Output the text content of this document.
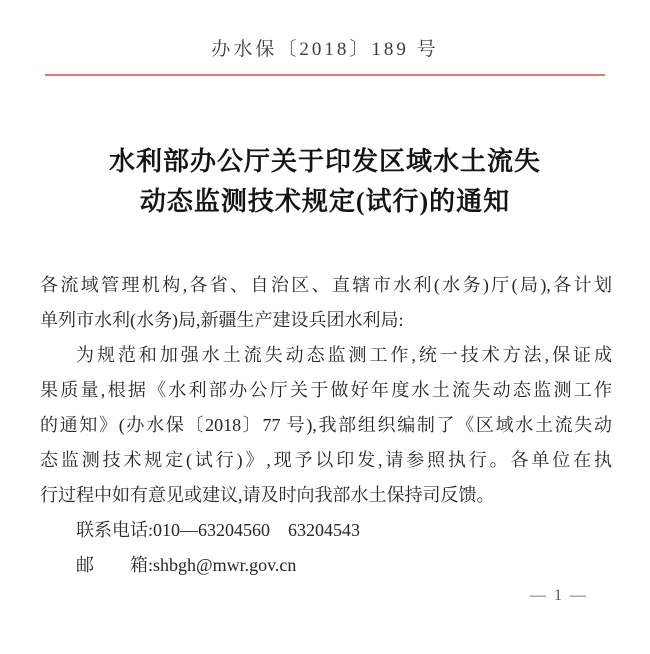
办水保〔2018〕189 号
水利部办公厅关于印发区域水土流失
动态监测技术规定(试行)的通知
各流域管理机构,各省、自治区、直辖市水利(水务)厅(局),各计划
单列市水利(水务)局,新疆生产建设兵团水利局:
为规范和加强水土流失动态监测工作,统一技术方法,保证成
果质量,根据《水利部办公厅关于做好年度水土流失动态监测工作
的通知》(办水保〔2018〕77 号),我部组织编制了《区域水土流失动
态监测技术规定(试行)》,现予以印发,请参照执行。各单位在执
行过程中如有意见或建议,请及时向我部水土保持司反馈。
联系电话:010—63204560　63204543
邮　　箱:shbgh@mwr.gov.cn
— 1 —
